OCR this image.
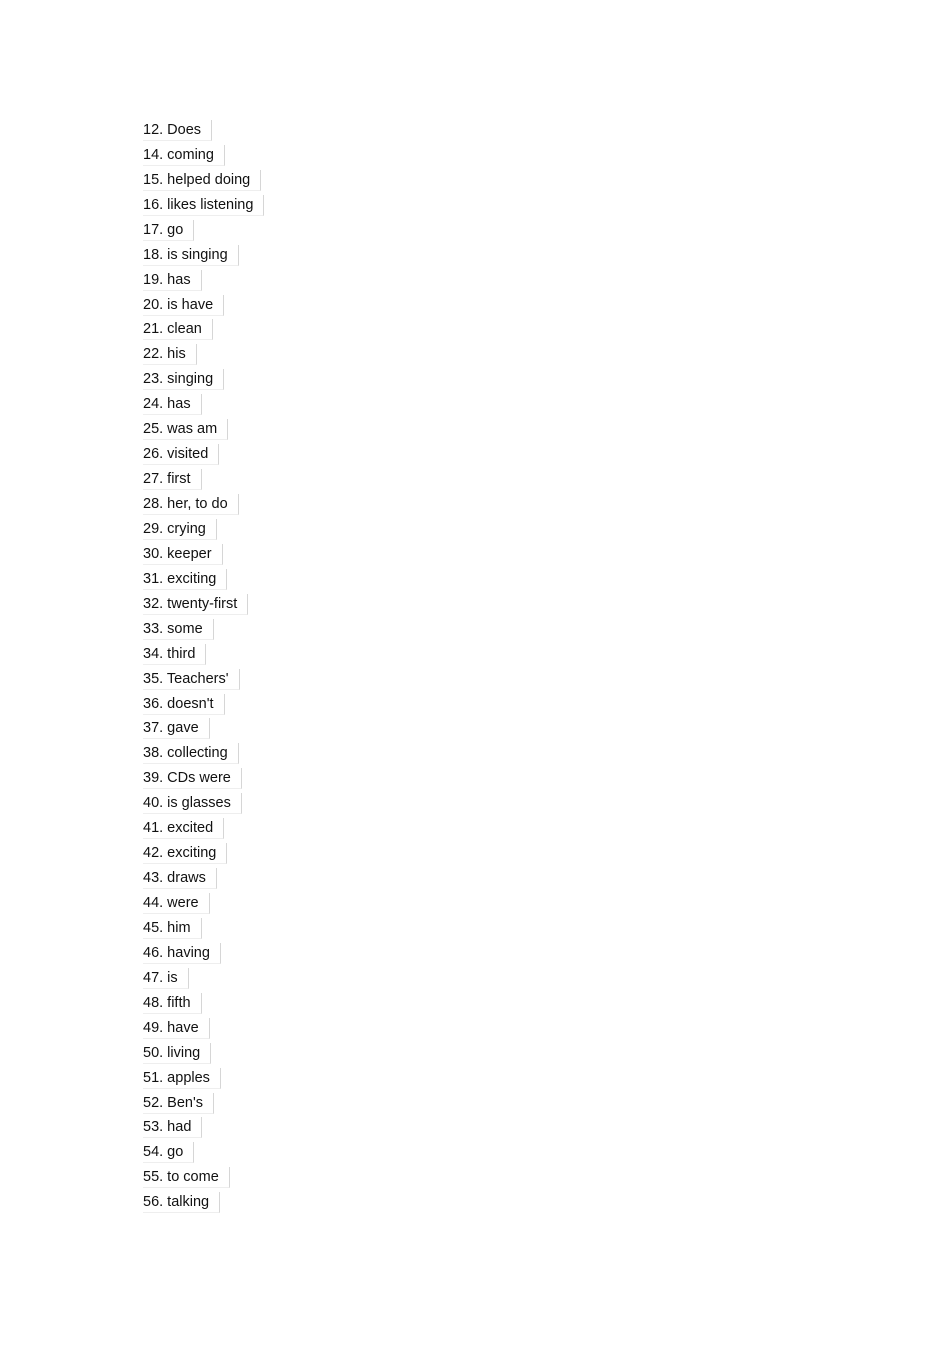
12. Does
14. coming
15. helped doing
16. likes listening
17. go
18. is singing
19. has
20. is have
21. clean
22. his
23. singing
24. has
25. was am
26. visited
27. first
28. her, to do
29. crying
30. keeper
31. exciting
32. twenty-first
33. some
34. third
35. Teachers'
36. doesn't
37. gave
38. collecting
39. CDs were
40. is glasses
41. excited
42. exciting
43. draws
44. were
45. him
46. having
47. is
48. fifth
49. have
50. living
51. apples
52. Ben's
53. had
54. go
55. to come
56. talking
